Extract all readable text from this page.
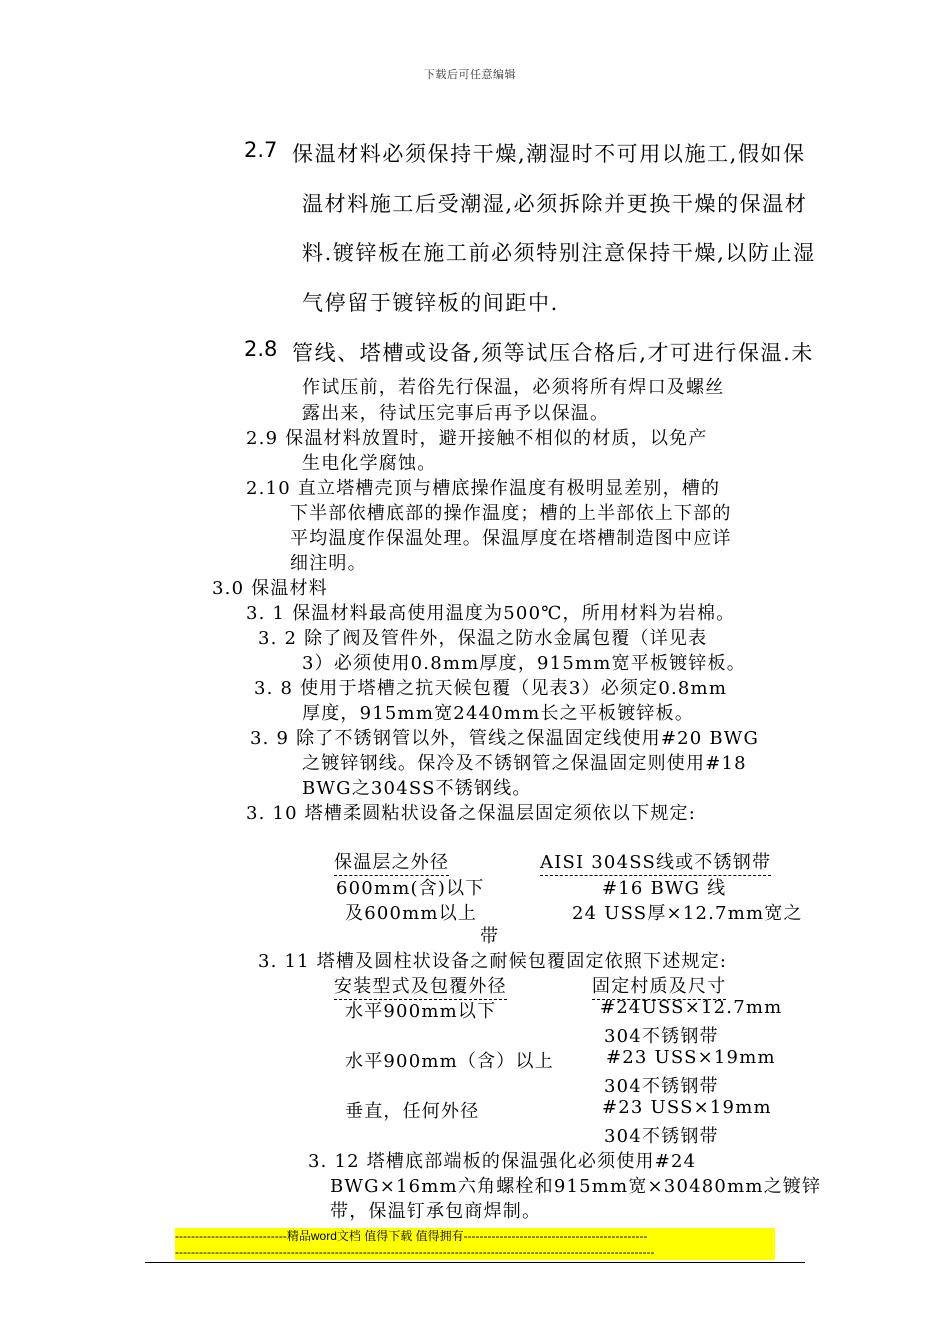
下载后可任意编辑
2.7 保温材料必须保持干燥,潮湿时不可用以施工,假如保
温材料施工后受潮湿,必须拆除并更换干燥的保温材
料.镀锌板在施工前必须特别注意保持干燥,以防止湿
气停留于镀锌板的间距中.
2.8 管线、塔槽或设备,须等试压合格后,才可进行保温.未
作试压前，若俗先行保温，必须将所有焊口及螺丝
露出来，待试压完事后再予以保温。
2.9 保温材料放置时，避开接触不相似的材质，以免产
生电化学腐蚀。
2.10 直立塔槽壳顶与槽底操作温度有极明显差别，槽的
下半部依槽底部的操作温度；槽的上半部依上下部的
平均温度作保温处理。保温厚度在塔槽制造图中应详
细注明。
3.0 保温材料
3. 1 保温材料最高使用温度为500℃，所用材料为岩棉。
3. 2 除了阀及管件外，保温之防水金属包覆（详见表
3）必须使用0.8mm厚度，915mm宽平板镀锌板。
3. 8 使用于塔槽之抗天候包覆（见表3）必须定0.8mm
厚度，915mm宽2440mm长之平板镀锌板。
3. 9 除了不锈钢管以外，管线之保温固定线使用#20 BWG
之镀锌钢线。保冷及不锈钢管之保温固定则使用#18
BWG之304SS不锈钢线。
3. 10 塔槽柔圆粘状设备之保温层固定须依以下规定:
保温层之外径	AISI 304SS线或不锈钢带
600mm(含)以下	#16 BWG 线
及600mm以上	24 USS厚×12.7mm宽之
带
3. 11 塔槽及圆柱状设备之耐候包覆固定依照下述规定:
安装型式及包覆外径	固定村质及尺寸
水平900mm以下	#24USS×12.7mm
304不锈钢带
水平900mm（含）以上	#23 USS×19mm
304不锈钢带
垂直，任何外径	#23 USS×19mm
304不锈钢带
3. 12 塔槽底部端板的保温强化必须使用#24
BWG×16mm六角螺栓和915mm宽×30480mm之镀锌
带，保温钉承包商焊制。
----------------------------精品word文档 值得下载 值得拥有----------------------------------------------
------------------------------------------------------------------------------------------------------------------------
